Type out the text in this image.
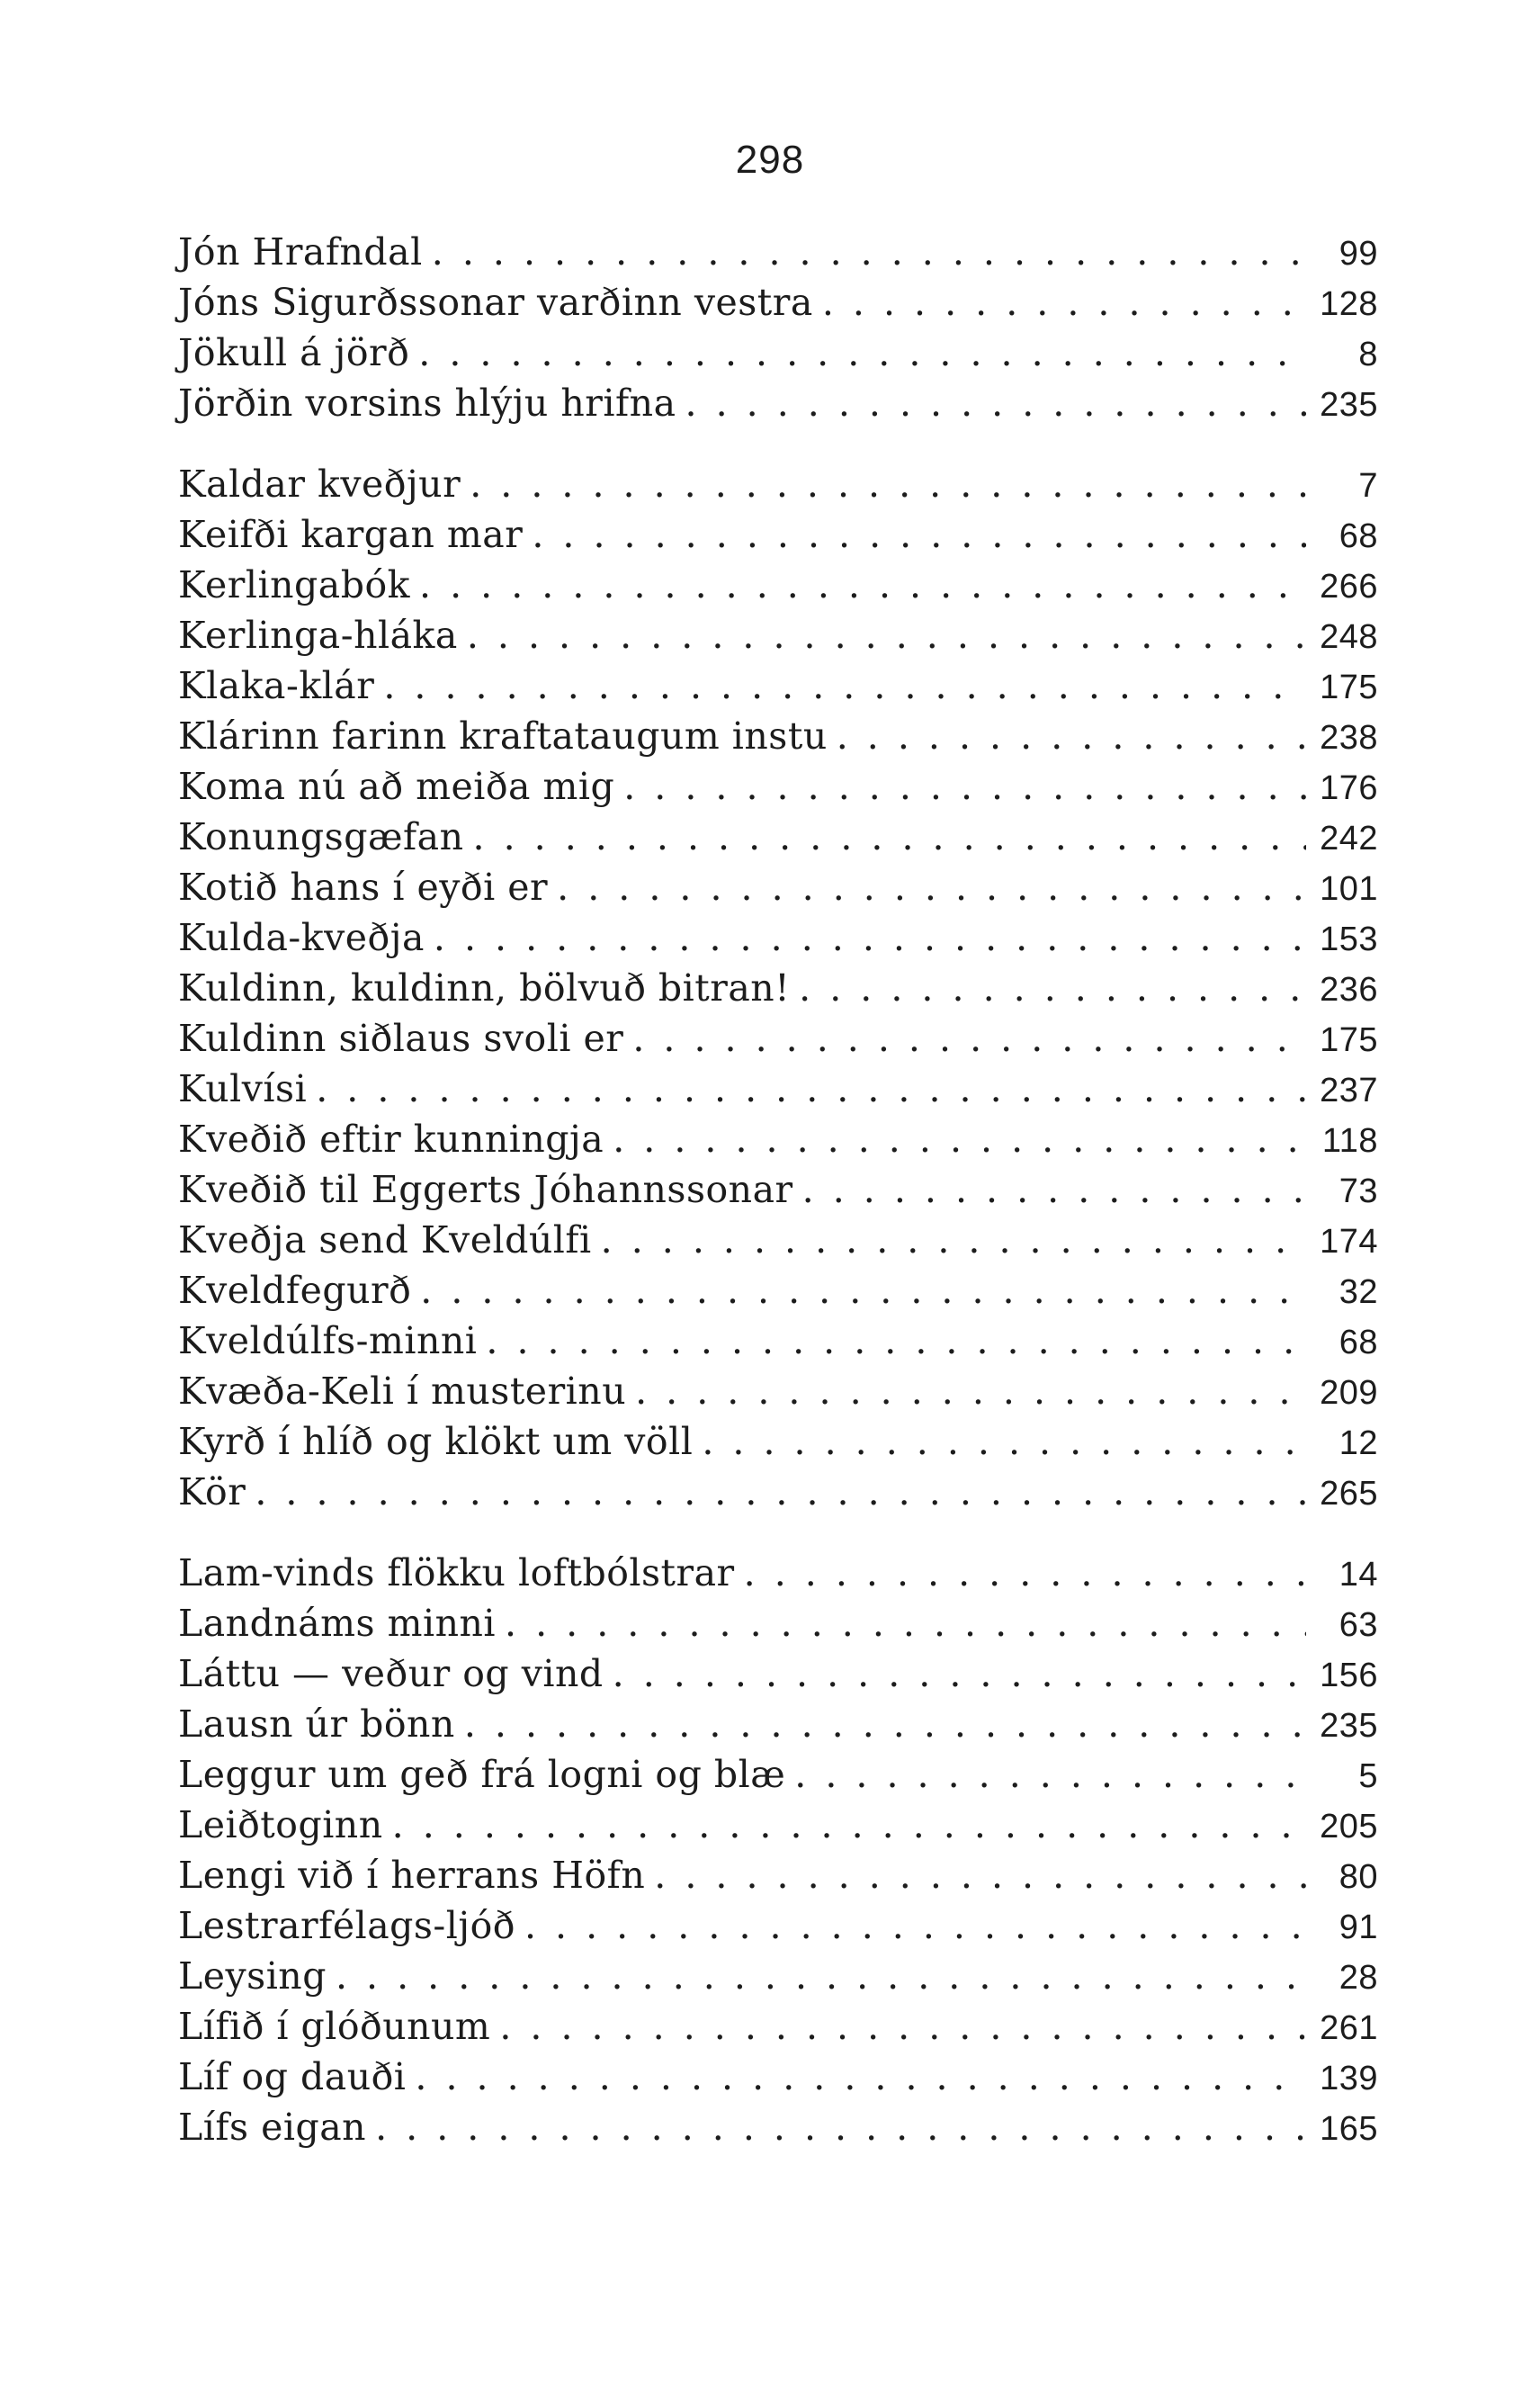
298
Jón Hrafndal . . .	99
Jóns Sigurðssonar varðinn vestra . . .	128
Jökull á jörð . . .	8
Jörðin vorsins hlýju hrifna . . .	235
Kaldar kveðjur . . .	7
Keifði kargan mar . . .	68
Kerlingabók . . .	266
Kerlinga-hláka . . .	248
Klaka-klár . . .	175
Klárinn farinn kraftataugum instu . . .	238
Koma nú að meiða mig . . .	176
Konungsgæfan . . .	242
Kotið hans í eyði er . . .	101
Kulda-kveðja . . .	153
Kuldinn, kuldinn, bölvuð bitran! . . .	236
Kuldinn siðlaus svoli er . . .	175
Kulvísi . . .	237
Kveðið eftir kunningja . . .	118
Kveðið til Eggerts Jóhannssonar . . .	73
Kveðja send Kveldúlfi . . .	174
Kveldfegurð . . .	32
Kveldúlfs-minni . . .	68
Kvæða-Keli í musterinu . . .	209
Kyrð í hlíð og klökt um völl . . .	12
Kör . . .	265
Lam-vinds flökku loftbólstrar . . .	14
Landnáms minni . . .	63
Láttu — veður og vind . . .	156
Lausn úr bönn . . .	235
Leggur um geð frá logni og blæ . . .	5
Leiðtoginn . . .	205
Lengi við í herrans Höfn . . .	80
Lestrarfélags-ljóð . . .	91
Leysing . . .	28
Lífið í glóðunum . . .	261
Líf og dauði . . .	139
Lífs eigan . . .	165
